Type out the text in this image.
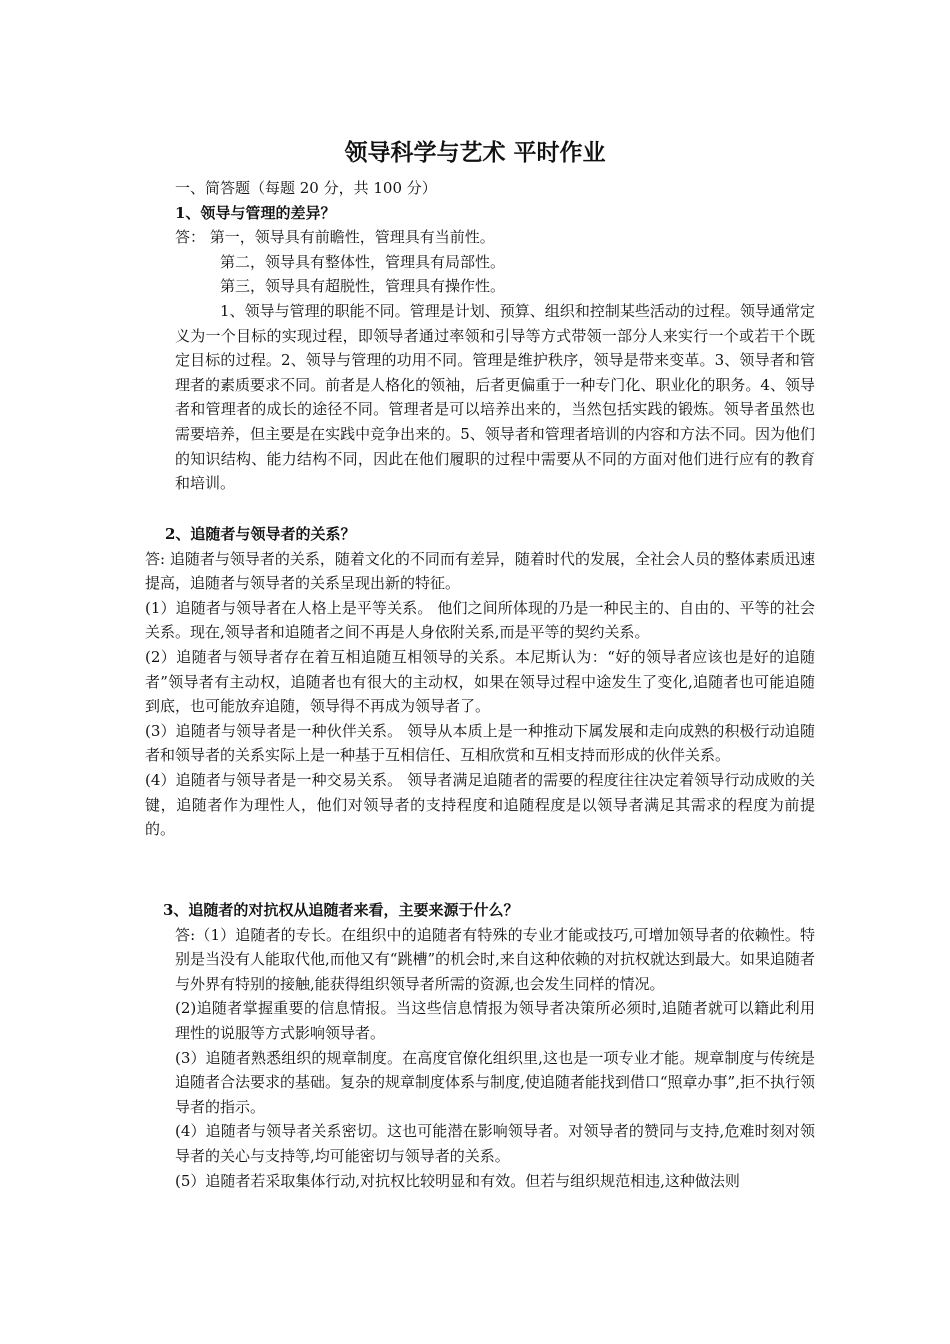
领导科学与艺术 平时作业

一、简答题（每题 20 分，共 100 分）

1、领导与管理的差异？

答： 第一，领导具有前瞻性，管理具有当前性。

第二，领导具有整体性，管理具有局部性。

第三，领导具有超脱性，管理具有操作性。

1、领导与管理的职能不同。管理是计划、预算、组织和控制某些活动的过程。领导通常定义为一个目标的实现过程，即领导者通过率领和引导等方式带领一部分人来实行一个或若干个既定目标的过程。2、领导与管理的功用不同。管理是维护秩序，领导是带来变革。3、领导者和管理者的素质要求不同。前者是人格化的领袖，后者更偏重于一种专门化、职业化的职务。4、领导者和管理者的成长的途径不同。管理者是可以培养出来的，当然包括实践的锻炼。领导者虽然也需要培养，但主要是在实践中竞争出来的。5、领导者和管理者培训的内容和方法不同。因为他们的知识结构、能力结构不同，因此在他们履职的过程中需要从不同的方面对他们进行应有的教育和培训。

2、追随者与领导者的关系？

答: 追随者与领导者的关系，随着文化的不同而有差异，随着时代的发展，全社会人员的整体素质迅速提高，追随者与领导者的关系呈现出新的特征。

(1）追随者与领导者在人格上是平等关系。 他们之间所体现的乃是一种民主的、自由的、平等的社会关系。现在,领导者和追随者之间不再是人身依附关系,而是平等的契约关系。

(2）追随者与领导者存在着互相追随互相领导的关系。本尼斯认为：“好的领导者应该也是好的追随者”领导者有主动权，追随者也有很大的主动权，如果在领导过程中途发生了变化,追随者也可能追随到底，也可能放弃追随，领导得不再成为领导者了。

(3）追随者与领导者是一种伙伴关系。 领导从本质上是一种推动下属发展和走向成熟的积极行动追随者和领导者的关系实际上是一种基于互相信任、互相欣赏和互相支持而形成的伙伴关系。

(4）追随者与领导者是一种交易关系。 领导者满足追随者的需要的程度往往决定着领导行动成败的关键，追随者作为理性人，他们对领导者的支持程度和追随程度是以领导者满足其需求的程度为前提的。

3、追随者的对抗权从追随者来看，主要来源于什么？

答:（1）追随者的专长。在组织中的追随者有特殊的专业才能或技巧,可增加领导者的依赖性。特别是当没有人能取代他,而他又有“跳槽”的机会时,来自这种依赖的对抗权就达到最大。如果追随者与外界有特别的接触,能获得组织领导者所需的资源,也会发生同样的情况。

(2)追随者掌握重要的信息情报。当这些信息情报为领导者决策所必须时,追随者就可以籍此利用理性的说服等方式影响领导者。

(3）追随者熟悉组织的规章制度。在高度官僚化组织里,这也是一项专业才能。规章制度与传统是追随者合法要求的基础。复杂的规章制度体系与制度,使追随者能找到借口“照章办事”,拒不执行领导者的指示。

(4）追随者与领导者关系密切。这也可能潜在影响领导者。对领导者的赞同与支持,危难时刻对领导者的关心与支持等,均可能密切与领导者的关系。

(5）追随者若采取集体行动,对抗权比较明显和有效。但若与组织规范相违,这种做法则
